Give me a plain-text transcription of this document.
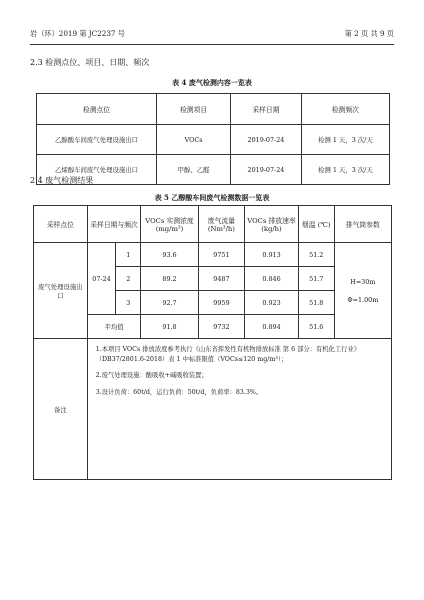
岩（环）2019 第 JC2237 号	第 2 页 共 9 页
2.3 检测点位、项目、日期、频次
表 4 废气检测内容一览表
检测点位	检测项目	采样日期	检测频次
乙醇酸车间废气处理设施出口	VOCs	2019-07-24	检测 1 天，3 次/天
乙烯醇车间废气处理设施出口	甲醇、乙醛	2019-07-24	检测 1 天，3 次/天
2.4 废气检测结果
表 5 乙醇酸车间废气检测数据一览表
采样点位	采样日期与频次		VOCs 实测浓度 (mg/m³)	废气流量 (Nm³/h)	VOCs 排放速率 (kg/h)	烟温 (℃)	排气筒参数
废气处理设施出口	07-24	1	93.6	9751	0.913	51.2	H=30m
Φ=1.00m

		2	89.2	9487	0.846	51.7	
		3	92.7	9959	0.923	51.8	
	平均值		91.8	9732	0.894	51.6	
备注	1.本项目 VOCs 排放浓度参考执行《山东省挥发性有机物排放标准 第 6 部分：有机化工行业》（DB37/2801.6-2018）表 1 中标准限值（VOCs≤120 mg/m³）；

2.废气处理设施：酸吸收+碱吸收装置；

3.设计负荷：60t/d，运行负荷：50t/d，负荷率：83.3%。						
